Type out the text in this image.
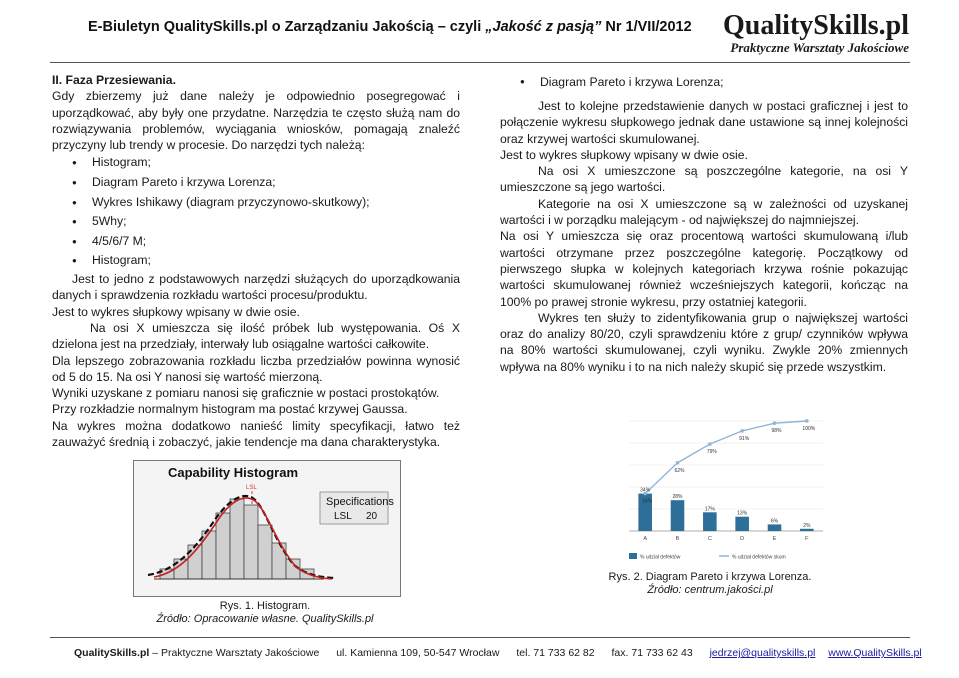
E-Biuletyn QualitySkills.pl o Zarządzaniu Jakością – czyli „Jakość z pasją” Nr 1/VII/2012 QualitySkills.pl
Praktyczne Warsztaty Jakościowe

II. Faza Przesiewania.

Gdy zbierzemy już dane należy je odpowiednio posegregować i uporządkować, aby były one przydatne. Narzędzia te często służą nam do rozwiązywania problemów, wyciągania wniosków, pomagają znaleźć przyczyny lub trendy w procesie. Do narzędzi tych należą:

● Histogram;
● Diagram Pareto i krzywa Lorenza;
● Wykres Ishikawy (diagram przyczynowo-skutkowy);
● 5Why;
● 4/5/6/7 M;
● Histogram;

Jest to jedno z podstawowych narzędzi służących do uporządkowania danych i sprawdzenia rozkładu wartości procesu/produktu.

Jest to wykres słupkowy wpisany w dwie osie.

Na osi X umieszcza się ilość próbek lub występowania. Oś X dzielona jest na przedziały, interwały lub osiągalne wartości całkowite.

Dla lepszego zobrazowania rozkładu liczba przedziałów powinna wynosić od 5 do 15. Na osi Y nanosi się wartość mierzoną.

Wyniki uzyskane z pomiaru nanosi się graficznie w postaci prostokątów.

Przy rozkładzie normalnym histogram ma postać krzywej Gaussa.

Na wykres można dodatkowo nanieść limity specyfikacji, łatwo też zauważyć średnią i zobaczyć, jakie tendencje ma dana charakterystyka.

● Diagram Pareto i krzywa Lorenza;

Jest to kolejne przedstawienie danych w postaci graficznej i jest to połączenie wykresu słupkowego jednak dane ustawione są innej kolejności oraz krzywej wartości skumulowanej.

Jest to wykres słupkowy wpisany w dwie osie.

Na osi X umieszczone są poszczególne kategorie, na osi Y umieszczone są jego wartości.

Kategorie na osi X umieszczone są w zależności od uzyskanej wartości i w porządku malejącym - od największej do najmniejszej.

Na osi Y umieszcza się oraz procentową wartości skumulowaną i/lub wartości otrzymane przez poszczególne kategorię. Początkowy od pierwszego słupka w kolejnych kategoriach krzywa rośnie pokazując wartości skumulowanej również wcześniejszych kategorii, kończąc na 100% po prawej stronie wykresu, przy ostatniej kategorii.

Wykres ten służy to zidentyfikowania grup o największej wartości oraz do analizy 80/20, czyli sprawdzeniu które z grup/ czynników wpływa na 80% wartości skumulowanej, czyli wyniku. Zwykle 20% zmiennych wpływa na 80% wyniku i to na nich należy skupić się przede wszystkim.

Capability Histogram
LSL
Specifications
LSL 20
Rys. 1. Histogram.
Źródło: Opracowanie własne. QualitySkills.pl
34%
A
28%
B
17%
C
13%
D
6%
E
2%
F
34%
62%
79%
91%
98%	100%
% udział defektów	% udział defektów skum
Rys. 2. Diagram Pareto i krzywa Lorenza.
Źródło: centrum.jakości.pl
QualitySkills.pl – Praktyczne Warsztaty Jakościowe ul. Kamienna 109, 50-547 Wrocław tel. 71 733 62 82 fax. 71 733 62 43 jedrzej@qualityskills.pl www.QualitySkills.pl
